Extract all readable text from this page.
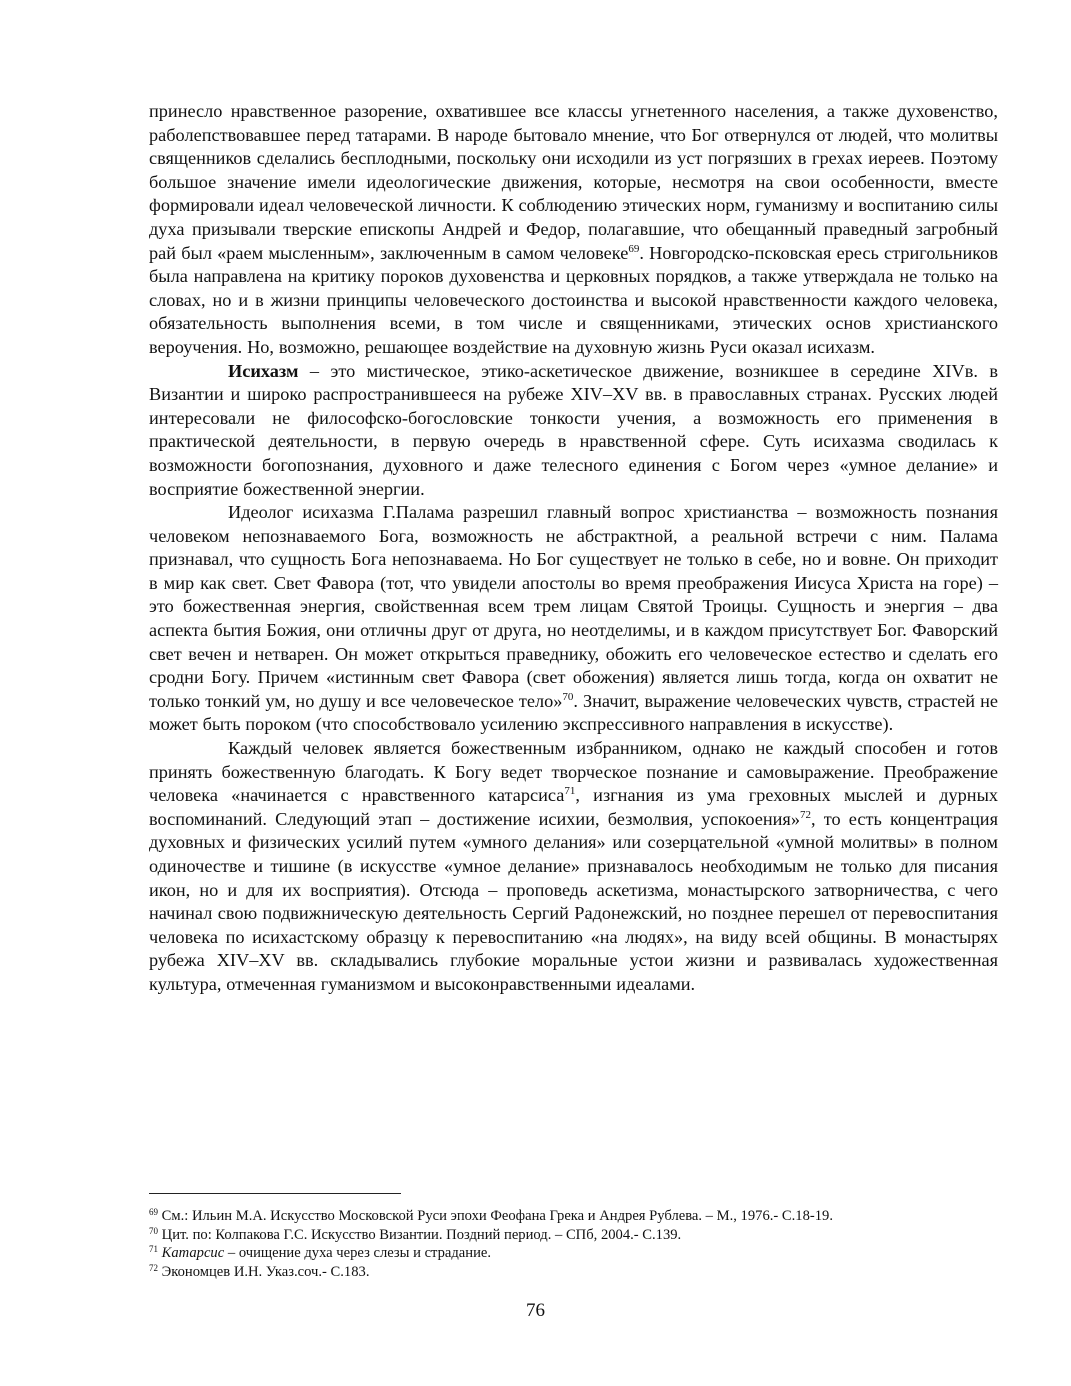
принесло нравственное разорение, охватившее все классы угнетенного населения, а также духовенство, раболепствовавшее перед татарами. В народе бытовало мнение, что Бог отвернулся от людей, что молитвы священников сделались бесплодными, поскольку они исходили из уст погрязших в грехах иереев. Поэтому большое значение имели идеологические движения, которые, несмотря на свои особенности, вместе формировали идеал человеческой личности. К соблюдению этических норм, гуманизму и воспитанию силы духа призывали тверские епископы Андрей и Федор, полагавшие, что обещанный праведный загробный рай был «раем мысленным», заключенным в самом человеке$^{69}$. Новгородско-псковская ересь стригольников была направлена на критику пороков духовенства и церковных порядков, а также утверждала не только на словах, но и в жизни принципы человеческого достоинства и высокой нравственности каждого человека, обязательность выполнения всеми, в том числе и священниками, этических основ христианского вероучения. Но, возможно, решающее воздействие на духовную жизнь Руси оказал исихазм.

Исихазм – это мистическое, этико-аскетическое движение, возникшее в середине XIVв. в Византии и широко распространившееся на рубеже XIV–XV вв. в православных странах. Русских людей интересовали не философско-богословские тонкости учения, а возможность его применения в практической деятельности, в первую очередь в нравственной сфере. Суть исихазма сводилась к возможности богопознания, духовного и даже телесного единения с Богом через «умное делание» и восприятие божественной энергии.

Идеолог исихазма Г.Палама разрешил главный вопрос христианства – возможность познания человеком непознаваемого Бога, возможность не абстрактной, а реальной встречи с ним. Палама признавал, что сущность Бога непознаваема. Но Бог существует не только в себе, но и вовне. Он приходит в мир как свет. Свет Фавора (тот, что увидели апостолы во время преображения Иисуса Христа на горе) – это божественная энергия, свойственная всем трем лицам Святой Троицы. Сущность и энергия – два аспекта бытия Божия, они отличны друг от друга, но неотделимы, и в каждом присутствует Бог. Фаворский свет вечен и нетварен. Он может открыться праведнику, обожить его человеческое естество и сделать его сродни Богу. Причем «истинным свет Фавора (свет обожения) является лишь тогда, когда он охватит не только тонкий ум, но душу и все человеческое тело»$^{70}$. Значит, выражение человеческих чувств, страстей не может быть пороком (что способствовало усилению экспрессивного направления в искусстве).

Каждый человек является божественным избранником, однако не каждый способен и готов принять божественную благодать. К Богу ведет творческое познание и самовыражение. Преображение человека «начинается с нравственного катарсиса$^{71}$, изгнания из ума греховных мыслей и дурных воспоминаний. Следующий этап – достижение исихии, безмолвия, успокоения»$^{72}$, то есть концентрация духовных и физических усилий путем «умного делания» или созерцательной «умной молитвы» в полном одиночестве и тишине (в искусстве «умное делание» признавалось необходимым не только для писания икон, но и для их восприятия). Отсюда – проповедь аскетизма, монастырского затворничества, с чего начинал свою подвижническую деятельность Сергий Радонежский, но позднее перешел от перевоспитания человека по исихастскому образцу к перевоспитанию «на людях», на виду всей общины. В монастырях рубежа XIV–XV вв. складывались глубокие моральные устои жизни и развивалась художественная культура, отмеченная гуманизмом и высоконравственными идеалами.

$^{69}$ См.: Ильин М.А. Искусство Московской Руси эпохи Феофана Грека и Андрея Рублева. – М., 1976.- С.18-19.

$^{70}$ Цит. по: Колпакова Г.С. Искусство Византии. Поздний период. – СПб, 2004.- С.139.

$^{71}$ Катарсис – очищение духа через слезы и страдание.

$^{72}$ Экономцев И.Н. Указ.соч.- С.183.

76
